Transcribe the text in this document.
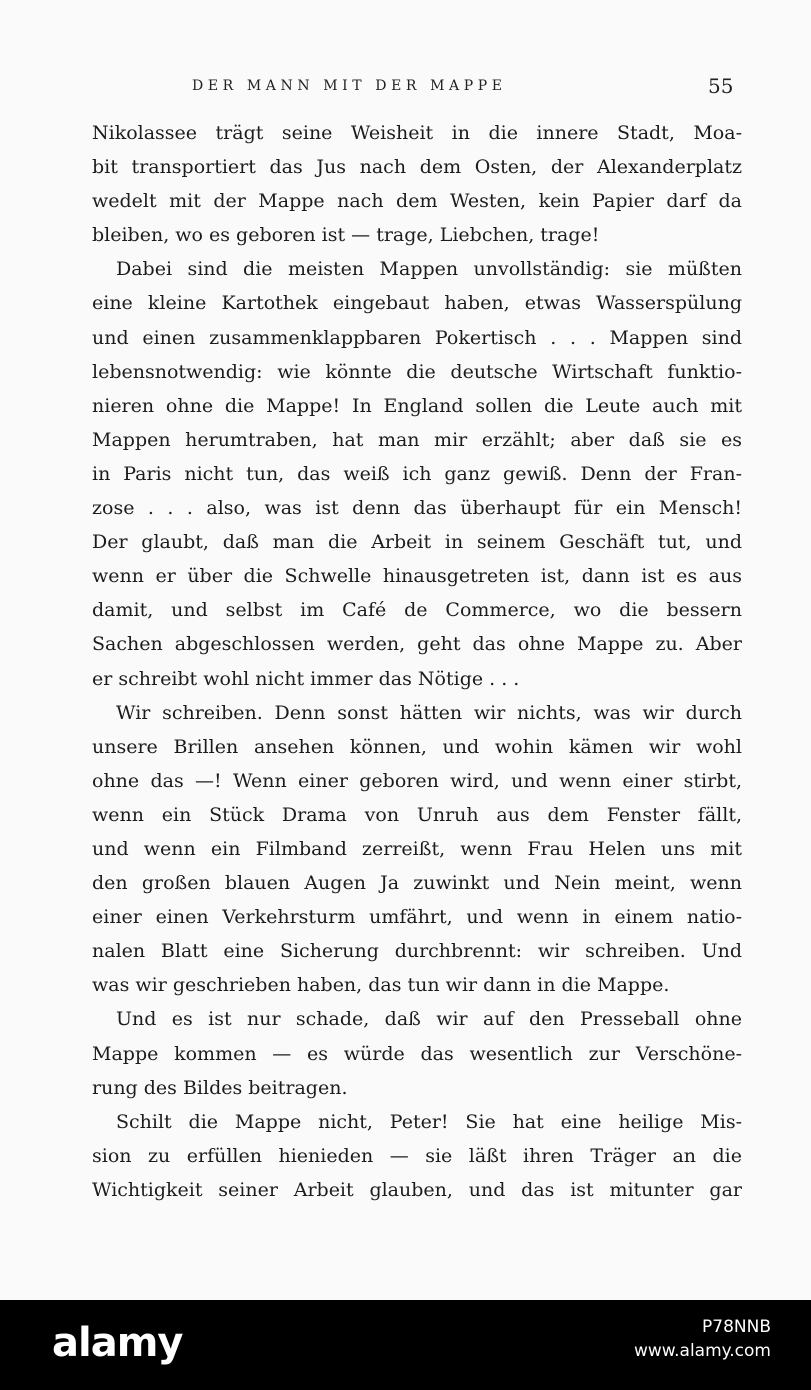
DER MANN MIT DER MAPPE	55
Nikolassee trägt seine Weisheit in die innere Stadt, Moa-
bit transportiert das Jus nach dem Osten, der Alexanderplatz
wedelt mit der Mappe nach dem Westen, kein Papier darf da
bleiben, wo es geboren ist — trage, Liebchen, trage!
Dabei sind die meisten Mappen unvollständig: sie müßten
eine kleine Kartothek eingebaut haben, etwas Wasserspülung
und einen zusammenklappbaren Pokertisch . . . Mappen sind
lebensnotwendig: wie könnte die deutsche Wirtschaft funktio-
nieren ohne die Mappe! In England sollen die Leute auch mit
Mappen herumtraben, hat man mir erzählt; aber daß sie es
in Paris nicht tun, das weiß ich ganz gewiß. Denn der Fran-
zose . . . also, was ist denn das überhaupt für ein Mensch!
Der glaubt, daß man die Arbeit in seinem Geschäft tut, und
wenn er über die Schwelle hinausgetreten ist, dann ist es aus
damit, und selbst im Café de Commerce, wo die bessern
Sachen abgeschlossen werden, geht das ohne Mappe zu. Aber
er schreibt wohl nicht immer das Nötige . . .
Wir schreiben. Denn sonst hätten wir nichts, was wir durch
unsere Brillen ansehen können, und wohin kämen wir wohl
ohne das —! Wenn einer geboren wird, und wenn einer stirbt,
wenn ein Stück Drama von Unruh aus dem Fenster fällt,
und wenn ein Filmband zerreißt, wenn Frau Helen uns mit
den großen blauen Augen Ja zuwinkt und Nein meint, wenn
einer einen Verkehrsturm umfährt, und wenn in einem natio-
nalen Blatt eine Sicherung durchbrennt: wir schreiben. Und
was wir geschrieben haben, das tun wir dann in die Mappe.
Und es ist nur schade, daß wir auf den Presseball ohne
Mappe kommen — es würde das wesentlich zur Verschöne-
rung des Bildes beitragen.
Schilt die Mappe nicht, Peter! Sie hat eine heilige Mis-
sion zu erfüllen hienieden — sie läßt ihren Träger an die
Wichtigkeit seiner Arbeit glauben, und das ist mitunter gar
alamy	P78NNB
www.alamy.com
